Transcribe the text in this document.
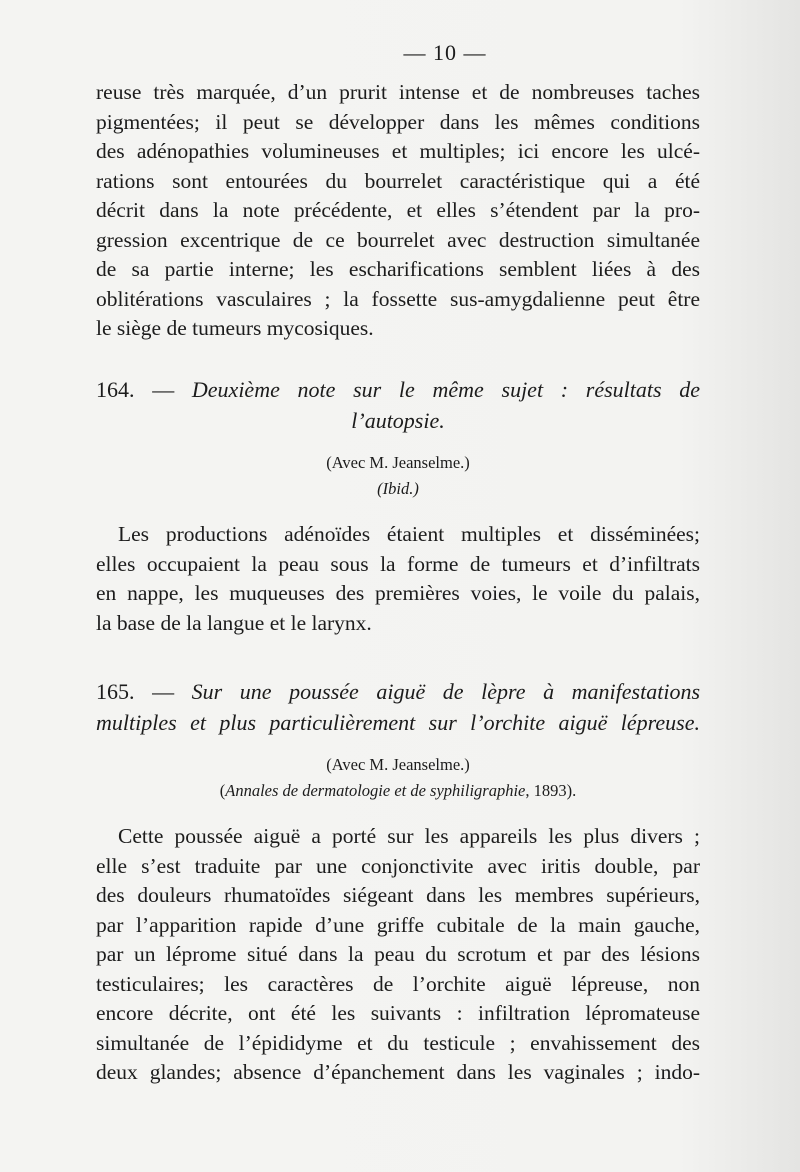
— 10 —

reuse très marquée, d’un prurit intense et de nombreuses taches
pigmentées; il peut se développer dans les mêmes conditions
des adénopathies volumineuses et multiples; ici encore les ulcé-
rations sont entourées du bourrelet caractéristique qui a été
décrit dans la note précédente, et elles s’étendent par la pro-
gression excentrique de ce bourrelet avec destruction simultanée
de sa partie interne; les escharifications semblent liées à des
oblitérations vasculaires ; la fossette sus-amygdalienne peut être
le siège de tumeurs mycosiques.

164. — Deuxième note sur le même sujet : résultats de
l’autopsie.
(Avec M. Jeanselme.)
(Ibid.)

Les productions adénoïdes étaient multiples et disséminées;
elles occupaient la peau sous la forme de tumeurs et d’infiltrats
en nappe, les muqueuses des premières voies, le voile du palais,
la base de la langue et le larynx.

165. — Sur une poussée aiguë de lèpre à manifestations
multiples et plus particulièrement sur l’orchite aiguë lépreuse.
(Avec M. Jeanselme.)
(Annales de dermatologie et de syphiligraphie, 1893).

Cette poussée aiguë a porté sur les appareils les plus divers ;
elle s’est traduite par une conjonctivite avec iritis double, par
des douleurs rhumatoïdes siégeant dans les membres supérieurs,
par l’apparition rapide d’une griffe cubitale de la main gauche,
par un lépromе situé dans la peau du scrotum et par des lésions
testiculaires; les caractères de l’orchite aiguë lépreuse, non
encore décrite, ont été les suivants : infiltration lépromateuse
simultanée de l’épididyme et du testicule ; envahissement des
deux glandes; absence d’épanchement dans les vaginales ; indo-
